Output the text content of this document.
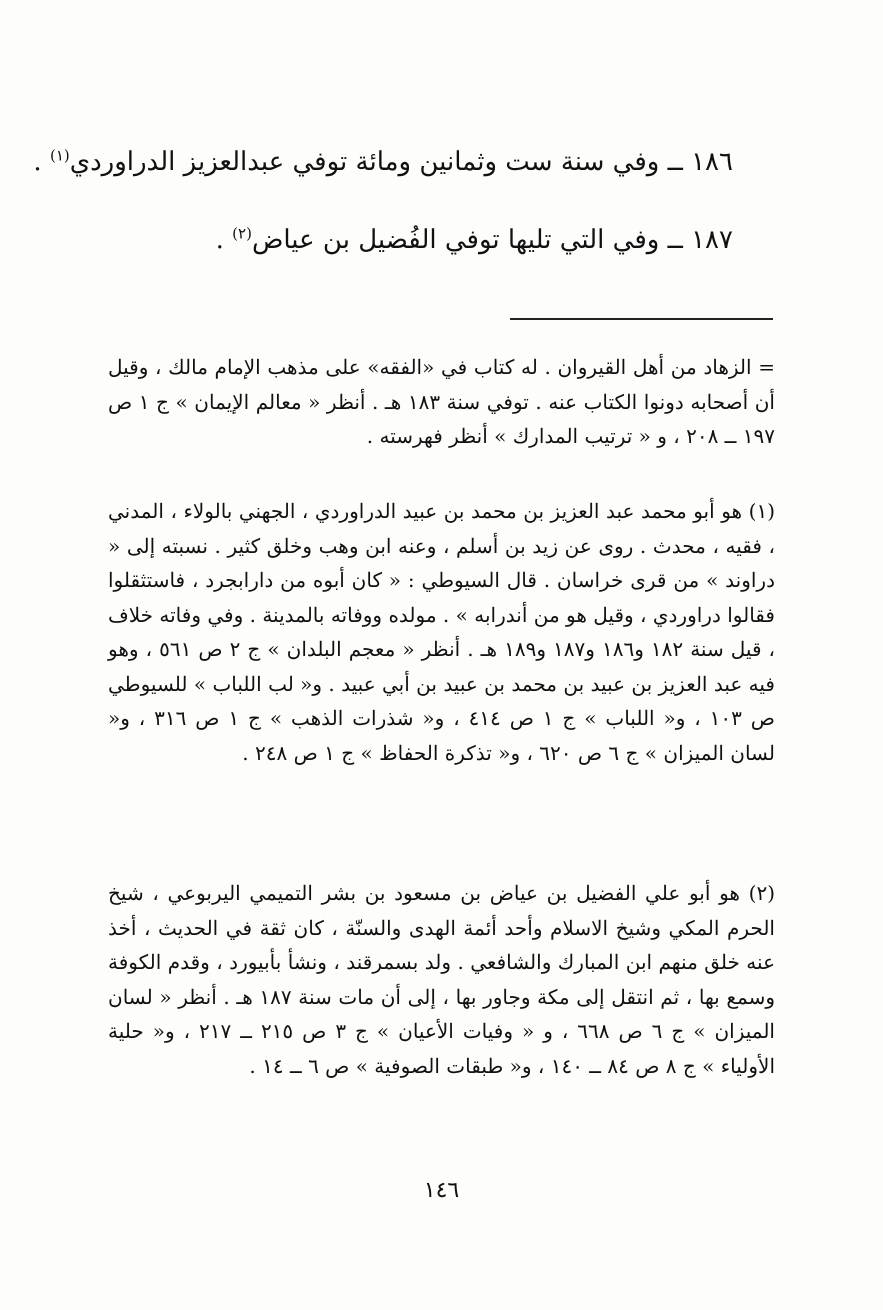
١٨٦ ــ وفي سنة ست وثمانين ومائة توفي عبدالعزيز الدراوردي$^{(١)}$ .
١٨٧ ــ وفي التي تليها توفي الفُضيل بن عياض$^{(٢)}$ .

= الزهاد من أهل القيروان . له كتاب في «الفقه» على مذهب الإمام مالك ، وقيل أن أصحابه دونوا الكتاب عنه . توفي سنة ١٨٣ هـ . أنظر « معالم الإيمان » ج ١ ص ١٩٧ ــ ٢٠٨ ، و « ترتيب المدارك » أنظر فهرسته .

(١) هو أبو محمد عبد العزيز بن محمد بن عبيد الدراوردي ، الجهني بالولاء ، المدني ، فقيه ، محدث . روى عن زيد بن أسلم ، وعنه ابن وهب وخلق كثير . نسبته إلى « دراوند » من قرى خراسان . قال السيوطي : « كان أبوه من دارابجرد ، فاستثقلوا فقالوا دراوردي ، وقيل هو من أندرابه » . مولده ووفاته بالمدينة . وفي وفاته خلاف ، قيل سنة ١٨٢ و١٨٦ و١٨٧ و١٨٩ هـ . أنظر « معجم البلدان » ج ٢ ص ٥٦١ ، وهو فيه عبد العزيز بن عبيد بن محمد بن عبيد بن أبي عبيد . و« لب اللباب » للسيوطي ص ١٠٣ ، و« اللباب » ج ١ ص ٤١٤ ، و« شذرات الذهب » ج ١ ص ٣١٦ ، و« لسان الميزان » ج ٦ ص ٦٢٠ ، و« تذكرة الحفاظ » ج ١ ص ٢٤٨ .

(٢) هو أبو علي الفضيل بن عياض بن مسعود بن بشر التميمي اليربوعي ، شيخ الحرم المكي وشيخ الاسلام وأحد أئمة الهدى والسنّة ، كان ثقة في الحديث ، أخذ عنه خلق منهم ابن المبارك والشافعي . ولد بسمرقند ، ونشأ بأبيورد ، وقدم الكوفة وسمع بها ، ثم انتقل إلى مكة وجاور بها ، إلى أن مات سنة ١٨٧ هـ . أنظر « لسان الميزان » ج ٦ ص ٦٦٨ ، و « وفيات الأعيان » ج ٣ ص ٢١٥ ــ ٢١٧ ، و« حلية الأولياء » ج ٨ ص ٨٤ ــ ١٤٠ ، و« طبقات الصوفية » ص ٦ ــ ١٤ .

١٤٦
